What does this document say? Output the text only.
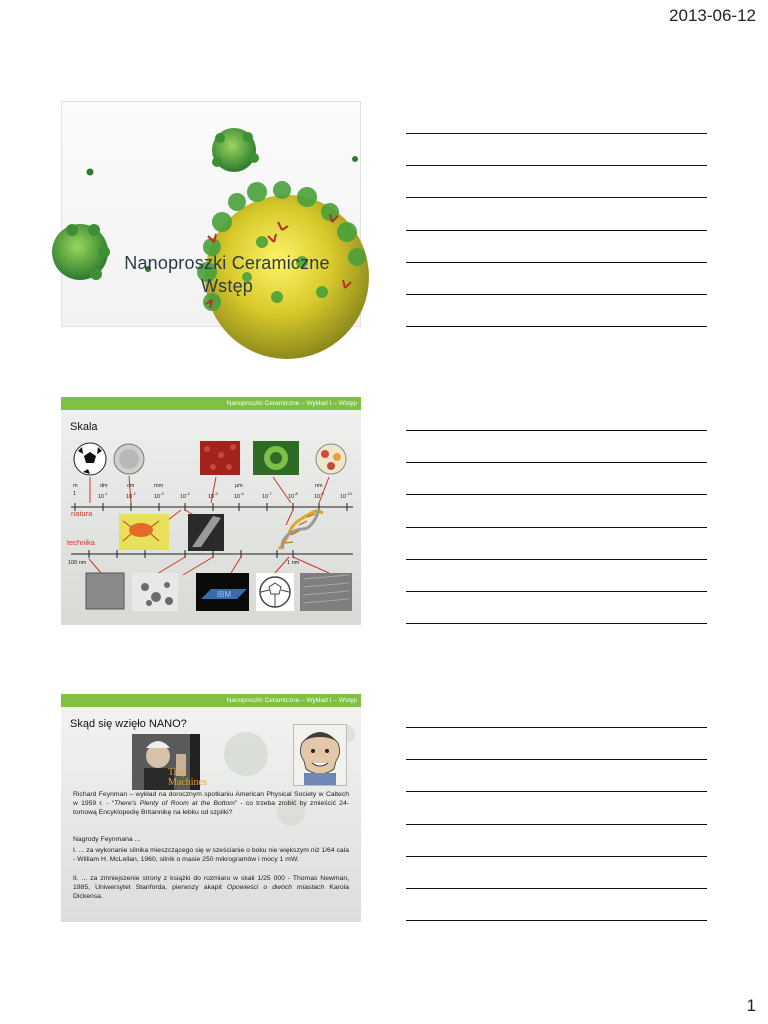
2013-06-12
Nanoproszki Ceramiczne
Wstęp
Nanoproszki Ceramiczne – Wykład I – Wstęp
Skala
IBM
m	dm	cm	mm	μm	nm
1	$10^{-1}$
$10^{-2}$
$10^{-3}$
$10^{-4}$
$10^{-5}$
$10^{-6}$
$10^{-7}$
$10^{-8}$
$10^{-9}$
$10^{-10}$
natura
technika
100 nm	1 nm
Nanoproszki Ceramiczne – Wykład I – Wstęp
Skąd się wzięło NANO?
Tiny Machines
Richard Feynman – wykład na dorocznym spotkaniu American Physical Society w Caltech w 1959 r. - “There's Plenty of Room at the Bottom” - co trzeba zrobić by zmieścić 24-tomową Encyklopedię Britannikę na łebku od szpilki?
Nagrody Feynmana ...
I. ... za wykonanie silnika mieszczącego się w sześcianie o boku nie większym niż 1/64 cala - William H. McLellan, 1960, silnik o masie 250 mikrogramów i mocy 1 mW.
II. ... za zmniejszenie strony z książki do rozmiaru w skali 1/25 000 - Thomas Newman, 1985, Uniwersytet Stanforda, pierwszy akapit Opowieści o dwóch miastach Karola Dickensa.
1
